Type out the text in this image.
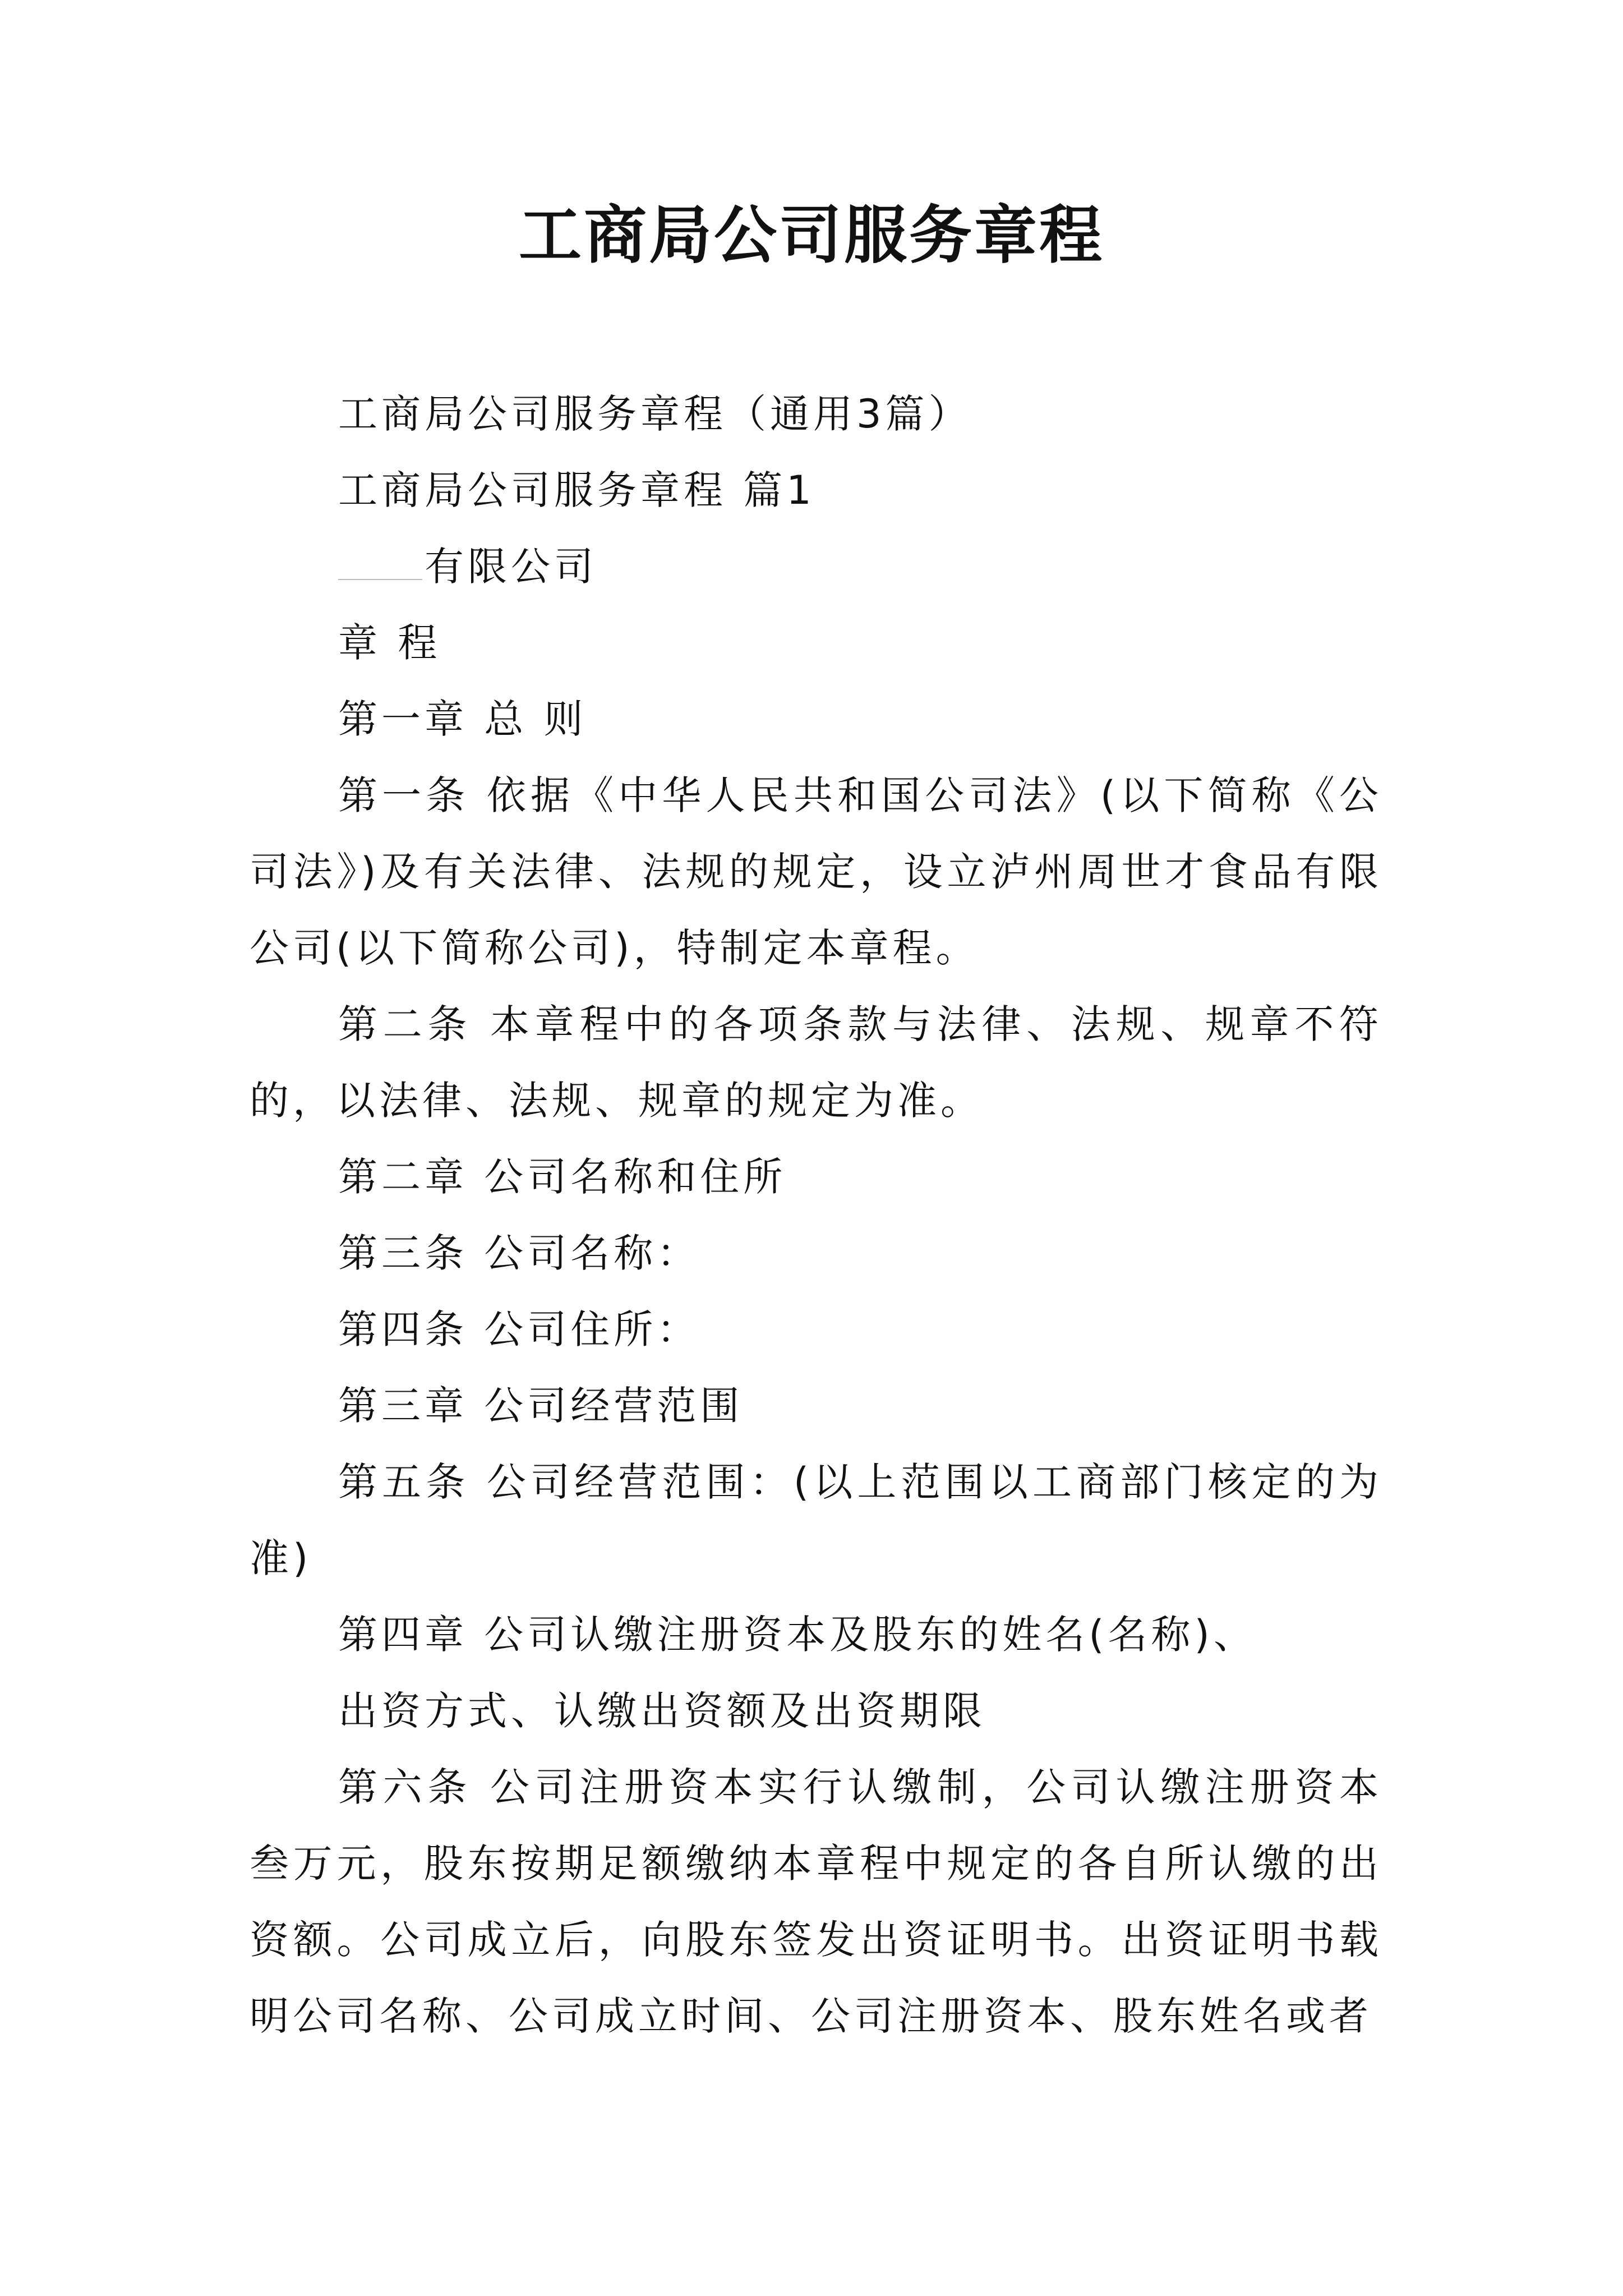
工商局公司服务章程

工商局公司服务章程（通用3篇）

工商局公司服务章程 篇1

有限公司

章 程

第一章 总 则

第一条 依据《中华人民共和国公司法》(以下简称《公司法》)及有关法律、法规的规定，设立泸州周世才食品有限公司(以下简称公司)，特制定本章程。

第二条 本章程中的各项条款与法律、法规、规章不符的，以法律、法规、规章的规定为准。

第二章 公司名称和住所

第三条 公司名称：

第四条 公司住所：

第三章 公司经营范围

第五条 公司经营范围：(以上范围以工商部门核定的为准)

第四章 公司认缴注册资本及股东的姓名(名称)、

出资方式、认缴出资额及出资期限

第六条 公司注册资本实行认缴制，公司认缴注册资本叁万元，股东按期足额缴纳本章程中规定的各自所认缴的出资额。公司成立后，向股东签发出资证明书。出资证明书载明公司名称、公司成立时间、公司注册资本、股东姓名或者
